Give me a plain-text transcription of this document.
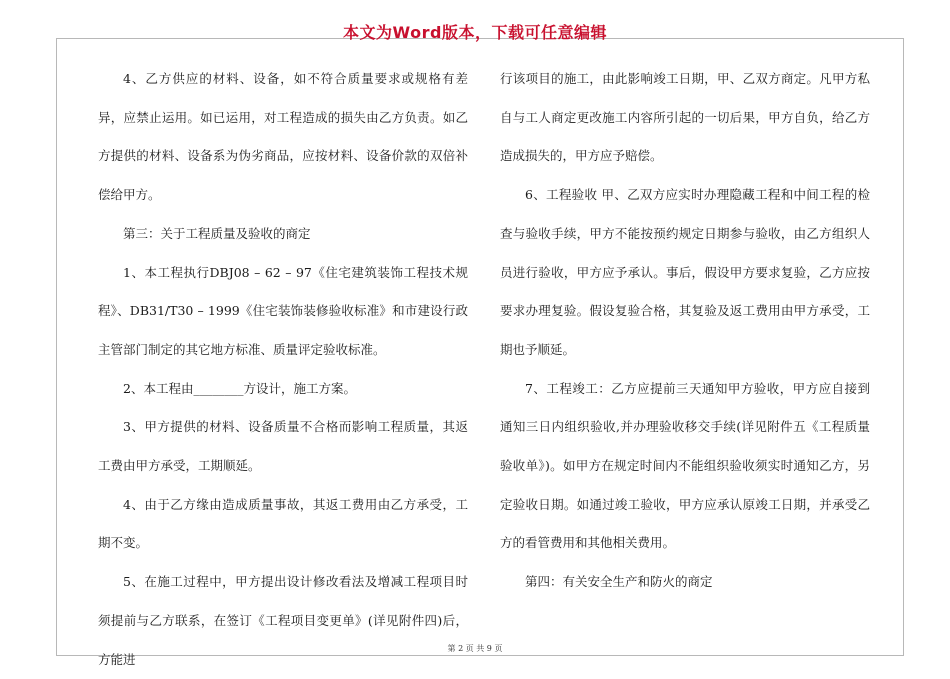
本文为Word版本，下载可任意编辑

4、乙方供应的材料、设备，如不符合质量要求或规格有差异，应禁止运用。如已运用，对工程造成的损失由乙方负责。如乙方提供的材料、设备系为伪劣商品，应按材料、设备价款的双倍补偿给甲方。

第三：关于工程质量及验收的商定

1、本工程执行DBJ08 – 62 – 97《住宅建筑装饰工程技术规程》、DB31/T30 – 1999《住宅装饰装修验收标准》和市建设行政主管部门制定的其它地方标准、质量评定验收标准。

2、本工程由________方设计，施工方案。

3、甲方提供的材料、设备质量不合格而影响工程质量，其返工费由甲方承受，工期顺延。

4、由于乙方缘由造成质量事故，其返工费用由乙方承受，工期不变。

5、在施工过程中，甲方提出设计修改看法及增减工程项目时须提前与乙方联系，在签订《工程项目变更单》(详见附件四)后，方能进

行该项目的施工，由此影响竣工日期，甲、乙双方商定。凡甲方私自与工人商定更改施工内容所引起的一切后果，甲方自负，给乙方造成损失的，甲方应予赔偿。

6、工程验收 甲、乙双方应实时办理隐藏工程和中间工程的检查与验收手续，甲方不能按预约规定日期参与验收，由乙方组织人员进行验收，甲方应予承认。事后，假设甲方要求复验，乙方应按要求办理复验。假设复验合格，其复验及返工费用由甲方承受，工期也予顺延。

7、工程竣工：乙方应提前三天通知甲方验收，甲方应自接到通知三日内组织验收,并办理验收移交手续(详见附件五《工程质量验收单》)。如甲方在规定时间内不能组织验收须实时通知乙方，另定验收日期。如通过竣工验收，甲方应承认原竣工日期，并承受乙方的看管费用和其他相关费用。

第四：有关安全生产和防火的商定

第 2 页 共 9 页
